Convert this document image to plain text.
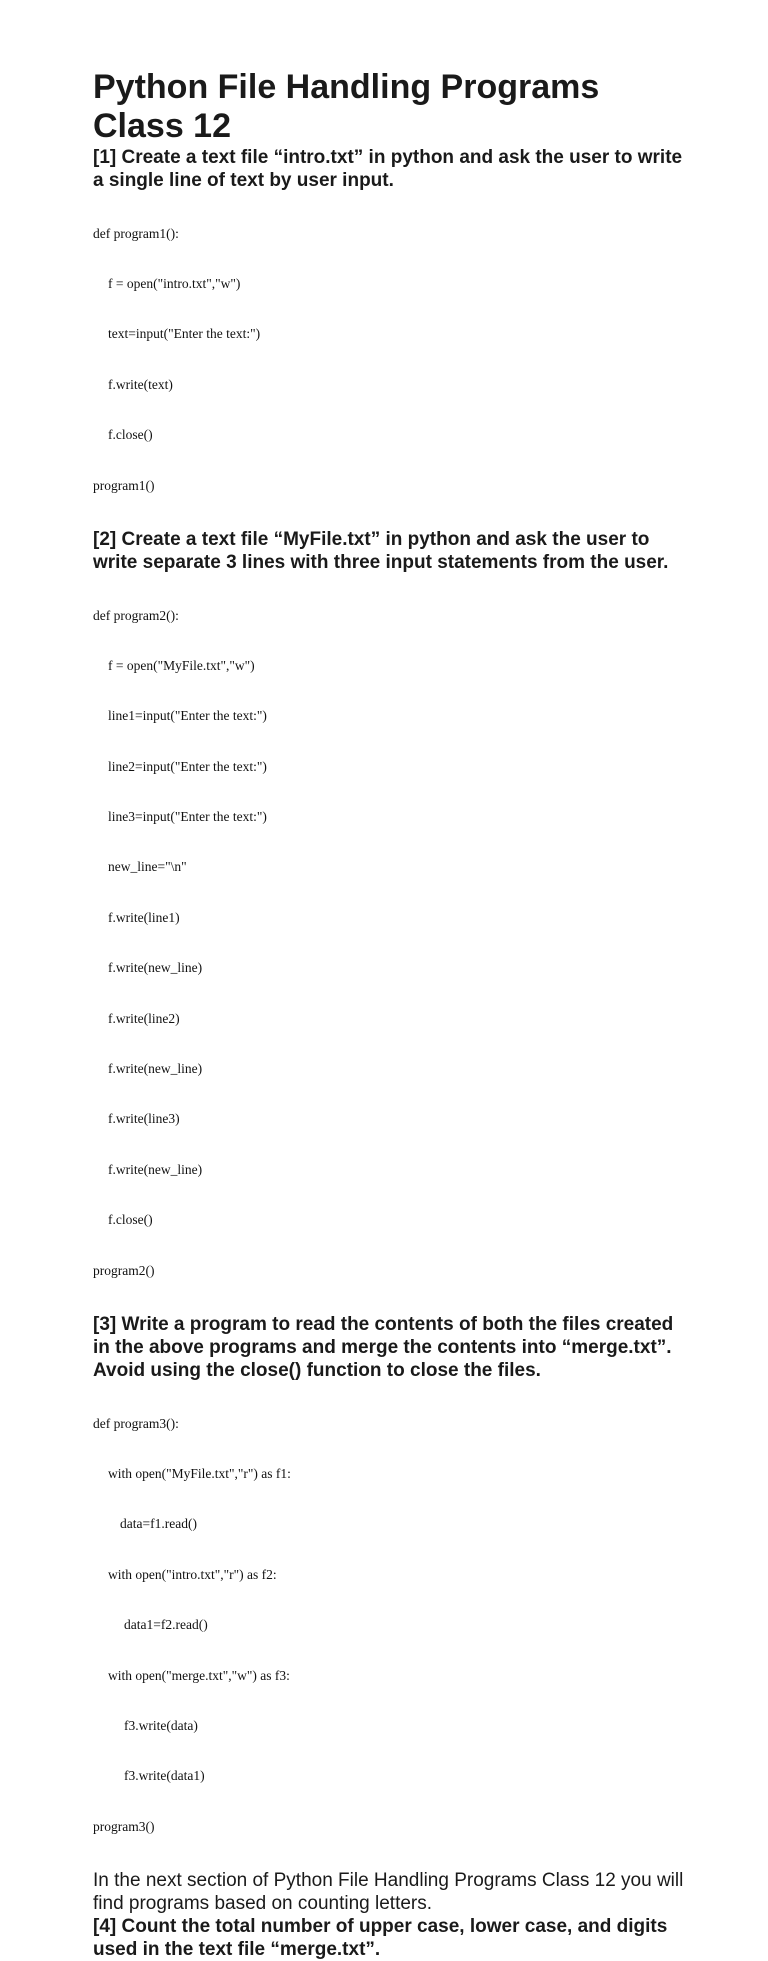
Python File Handling Programs Class 12
[1] Create a text file “intro.txt” in python and ask the user to write a single line of text by user input.

def program1():

f = open("intro.txt","w")

text=input("Enter the text:")

f.write(text)

f.close()

program1()

[2] Create a text file “MyFile.txt” in python and ask the user to write separate 3 lines with three input statements from the user.

def program2():

f = open("MyFile.txt","w")

line1=input("Enter the text:")

line2=input("Enter the text:")

line3=input("Enter the text:")

new_line="\n"

f.write(line1)

f.write(new_line)

f.write(line2)

f.write(new_line)

f.write(line3)

f.write(new_line)

f.close()

program2()

[3] Write a program to read the contents of both the files created in the above programs and merge the contents into “merge.txt”. Avoid using the close() function to close the files.

def program3():

with open("MyFile.txt","r") as f1:

data=f1.read()

with open("intro.txt","r") as f2:

data1=f2.read()

with open("merge.txt","w") as f3:

f3.write(data)

f3.write(data1)

program3()

In the next section of Python File Handling Programs Class 12 you will find programs based on counting letters.

[4] Count the total number of upper case, lower case, and digits used in the text file “merge.txt”.
